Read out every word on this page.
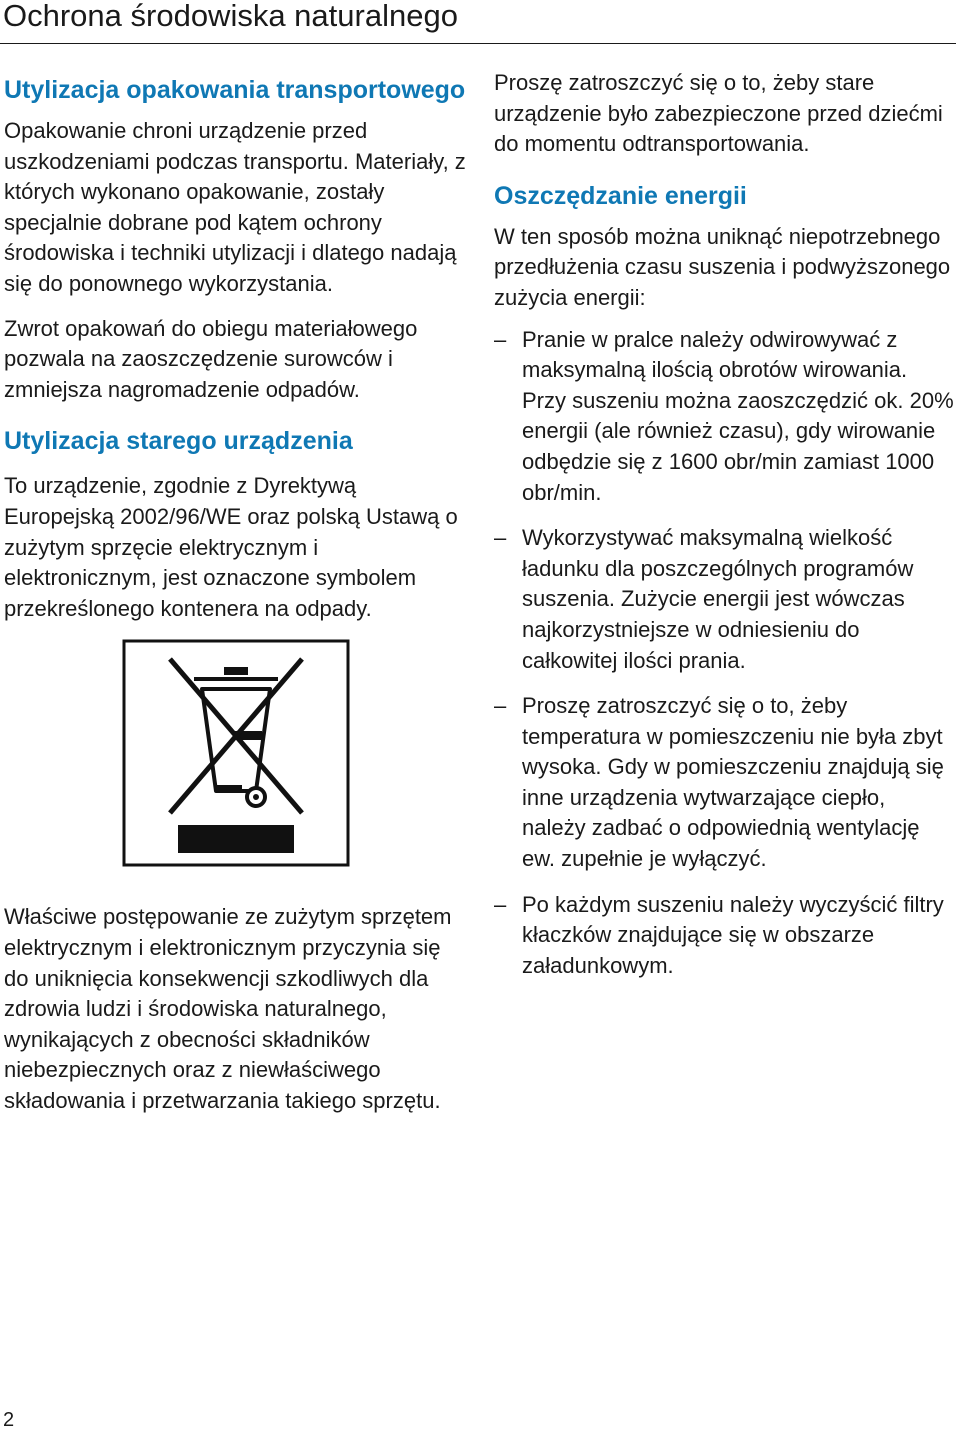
Ochrona środowiska naturalnego
Utylizacja opakowania transportowego

Opakowanie chroni urządzenie przed uszkodzeniami podczas transportu. Materiały, z których wykonano opakowanie, zostały specjalnie dobrane pod kątem ochrony środowiska i techniki utylizacji i dlatego nadają się do ponownego wykorzystania.

Zwrot opakowań do obiegu materiałowego pozwala na zaoszczędzenie surowców i zmniejsza nagromadzenie odpadów.

Utylizacja starego urządzenia

To urządzenie, zgodnie z Dyrektywą Europejską 2002/96/WE oraz polską Ustawą o zużytym sprzęcie elektrycznym i elektronicznym, jest oznaczone symbolem przekreślonego kontenera na odpady.

Właściwe postępowanie ze zużytym sprzętem elektrycznym i elektronicznym przyczynia się do uniknięcia konsekwencji szkodliwych dla zdrowia ludzi i środowiska naturalnego, wynikających z obecności składników niebezpiecznych oraz z niewłaściwego składowania i przetwarzania takiego sprzętu.

Proszę zatroszczyć się o to, żeby stare urządzenie było zabezpieczone przed dziećmi do momentu odtransportowania.

Oszczędzanie energii

W ten sposób można uniknąć niepotrzebnego przedłużenia czasu suszenia i podwyższonego zużycia energii:

– Pranie w pralce należy odwirowywać z maksymalną ilością obrotów wirowania. Przy suszeniu można zaoszczędzić ok. 20% energii (ale również czasu), gdy wirowanie odbędzie się z 1600 obr/min zamiast 1000 obr/min.

– Wykorzystywać maksymalną wielkość ładunku dla poszczególnych programów suszenia. Zużycie energii jest wówczas najkorzystniejsze w odniesieniu do całkowitej ilości prania.

– Proszę zatroszczyć się o to, żeby temperatura w pomieszczeniu nie była zbyt wysoka. Gdy w pomieszczeniu znajdują się inne urządzenia wytwarzające ciepło, należy zadbać o odpowiednią wentylację ew. zupełnie je wyłączyć.

– Po każdym suszeniu należy wyczyścić filtry kłaczków znajdujące się w obszarze załadunkowym.

2
